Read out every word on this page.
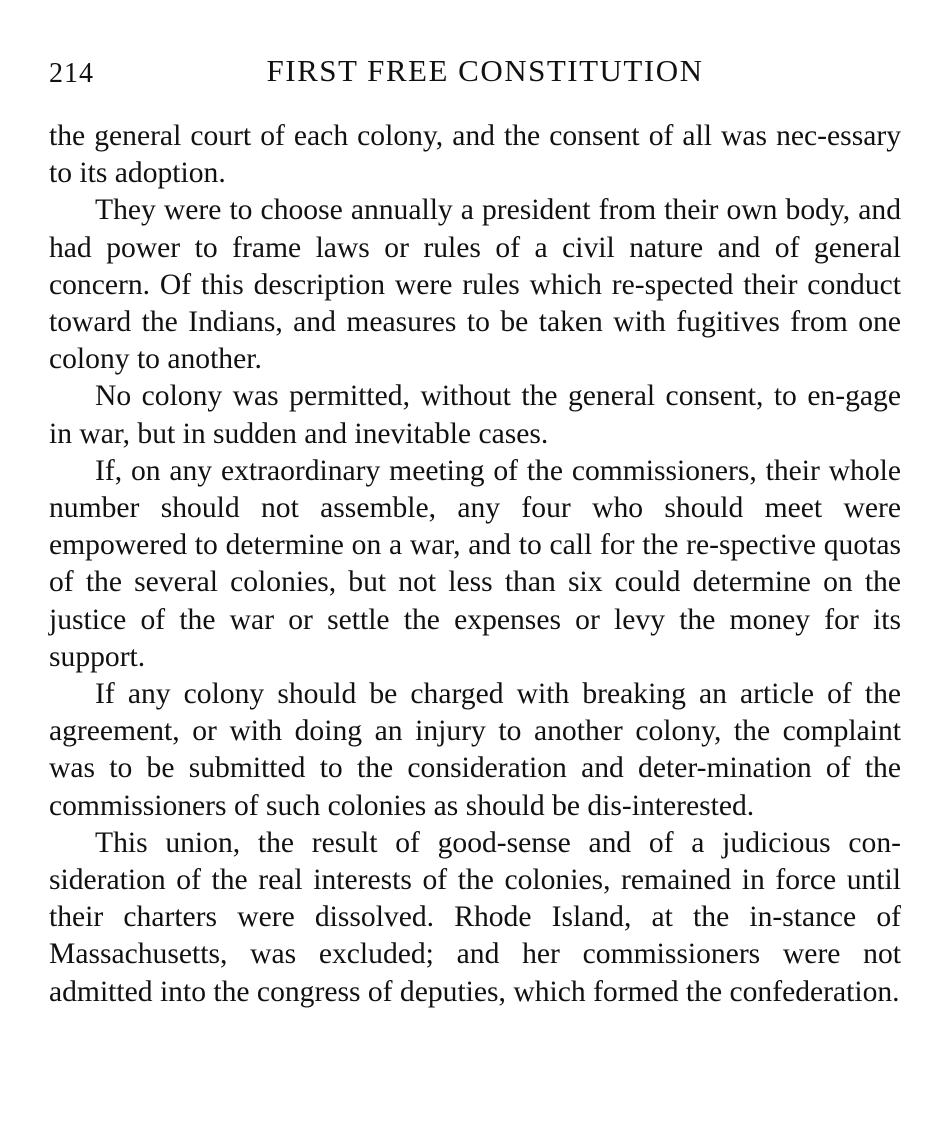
214	FIRST FREE CONSTITUTION

the general court of each colony, and the consent of all was nec-essary to its adoption.

They were to choose annually a president from their own body, and had power to frame laws or rules of a civil nature and of general concern. Of this description were rules which re-spected their conduct toward the Indians, and measures to be taken with fugitives from one colony to another.

No colony was permitted, without the general consent, to en-gage in war, but in sudden and inevitable cases.

If, on any extraordinary meeting of the commissioners, their whole number should not assemble, any four who should meet were empowered to determine on a war, and to call for the re-spective quotas of the several colonies, but not less than six could determine on the justice of the war or settle the expenses or levy the money for its support.

If any colony should be charged with breaking an article of the agreement, or with doing an injury to another colony, the complaint was to be submitted to the consideration and deter-mination of the commissioners of such colonies as should be dis-interested.

This union, the result of good-sense and of a judicious con-sideration of the real interests of the colonies, remained in force until their charters were dissolved. Rhode Island, at the in-stance of Massachusetts, was excluded; and her commissioners were not admitted into the congress of deputies, which formed the confederation.
